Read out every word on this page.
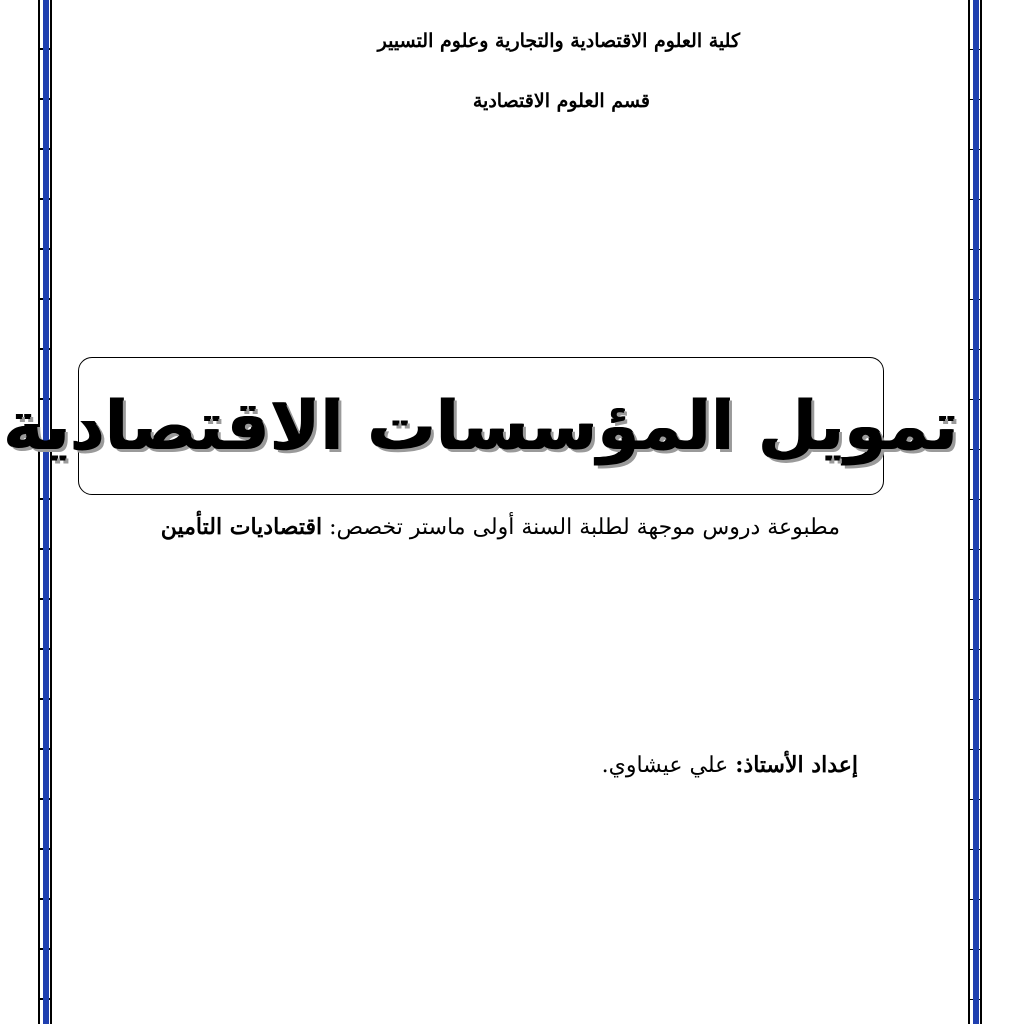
كلية العلوم الاقتصادية والتجارية وعلوم التسيير
قسم العلوم الاقتصادية
تمويل المؤسسات الاقتصادية
مطبوعة دروس موجهة لطلبة السنة أولى ماستر تخصص: اقتصاديات التأمين
إعداد الأستاذ: علي عيشاوي.
